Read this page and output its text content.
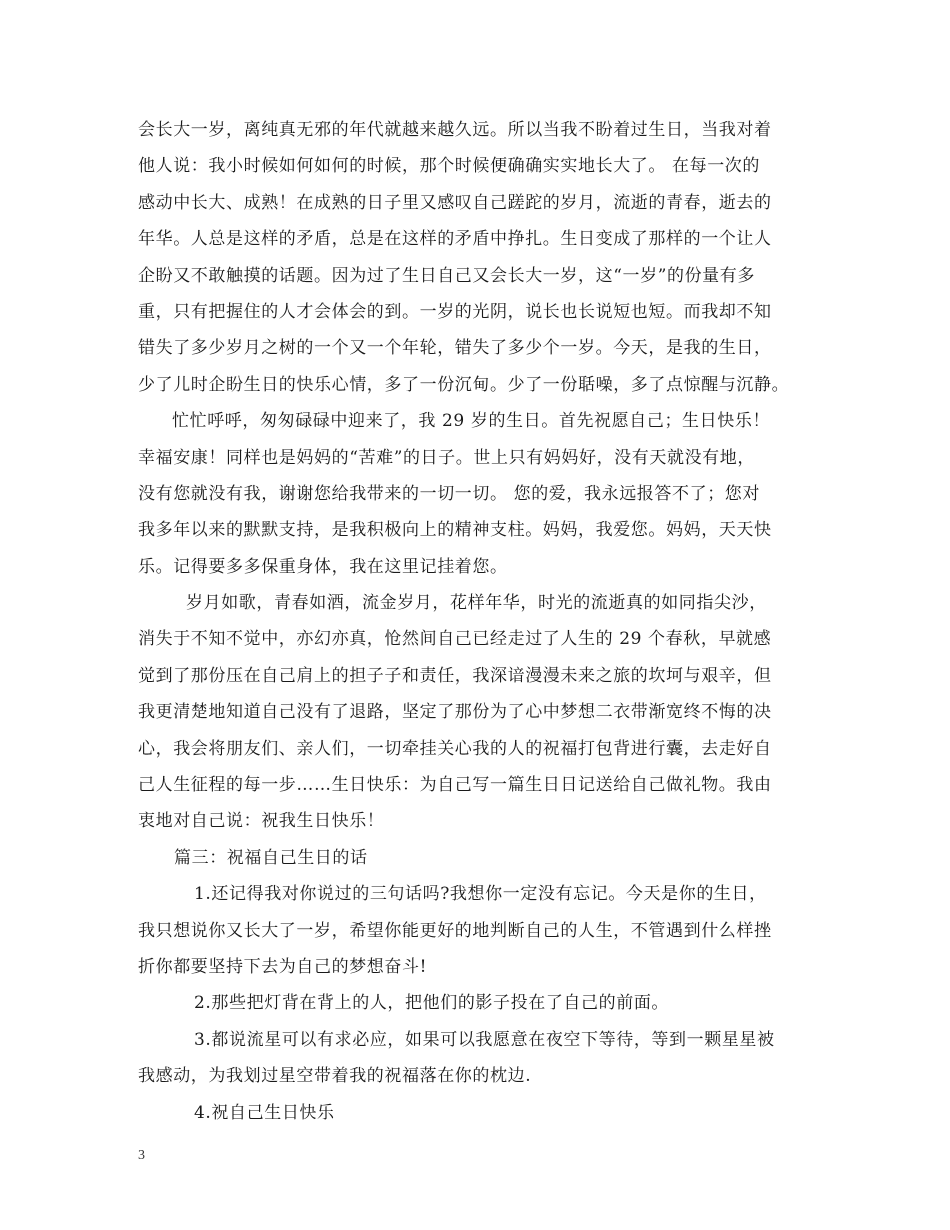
会长大一岁，离纯真无邪的年代就越来越久远。所以当我不盼着过生日，当我对着
他人说：我小时候如何如何的时候，那个时候便确确实实地长大了。 在每一次的
感动中长大、成熟！在成熟的日子里又感叹自己蹉跎的岁月，流逝的青春，逝去的
年华。人总是这样的矛盾，总是在这样的矛盾中挣扎。生日变成了那样的一个让人
企盼又不敢触摸的话题。因为过了生日自己又会长大一岁，这“一岁”的份量有多
重，只有把握住的人才会体会的到。一岁的光阴，说长也长说短也短。而我却不知
错失了多少岁月之树的一个又一个年轮，错失了多少个一岁。今天，是我的生日，
少了儿时企盼生日的快乐心情，多了一份沉甸。少了一份聒噪，多了点惊醒与沉静。
忙忙呼呼，匆匆碌碌中迎来了，我 29 岁的生日。首先祝愿自己；生日快乐！
幸福安康！同样也是妈妈的“苦难”的日子。世上只有妈妈好，没有天就没有地，
没有您就没有我，谢谢您给我带来的一切一切。 您的爱，我永远报答不了；您对
我多年以来的默默支持，是我积极向上的精神支柱。妈妈，我爱您。妈妈，天天快
乐。记得要多多保重身体，我在这里记挂着您。
岁月如歌，青春如酒，流金岁月，花样年华，时光的流逝真的如同指尖沙，
消失于不知不觉中，亦幻亦真，怆然间自己已经走过了人生的 29 个春秋，早就感
觉到了那份压在自己肩上的担子子和责任，我深谙漫漫未来之旅的坎坷与艰辛，但
我更清楚地知道自己没有了退路，坚定了那份为了心中梦想二衣带渐宽终不悔的决
心，我会将朋友们、亲人们，一切牵挂关心我的人的祝福打包背进行囊，去走好自
己人生征程的每一步……生日快乐：为自己写一篇生日日记送给自己做礼物。我由
衷地对自己说：祝我生日快乐！
篇三：祝福自己生日的话
1.还记得我对你说过的三句话吗?我想你一定没有忘记。今天是你的生日，
我只想说你又长大了一岁，希望你能更好的地判断自己的人生，不管遇到什么样挫
折你都要坚持下去为自己的梦想奋斗!
2.那些把灯背在背上的人，把他们的影子投在了自己的前面。
3.都说流星可以有求必应，如果可以我愿意在夜空下等待，等到一颗星星被
我感动，为我划过星空带着我的祝福落在你的枕边.
4.祝自己生日快乐
3
